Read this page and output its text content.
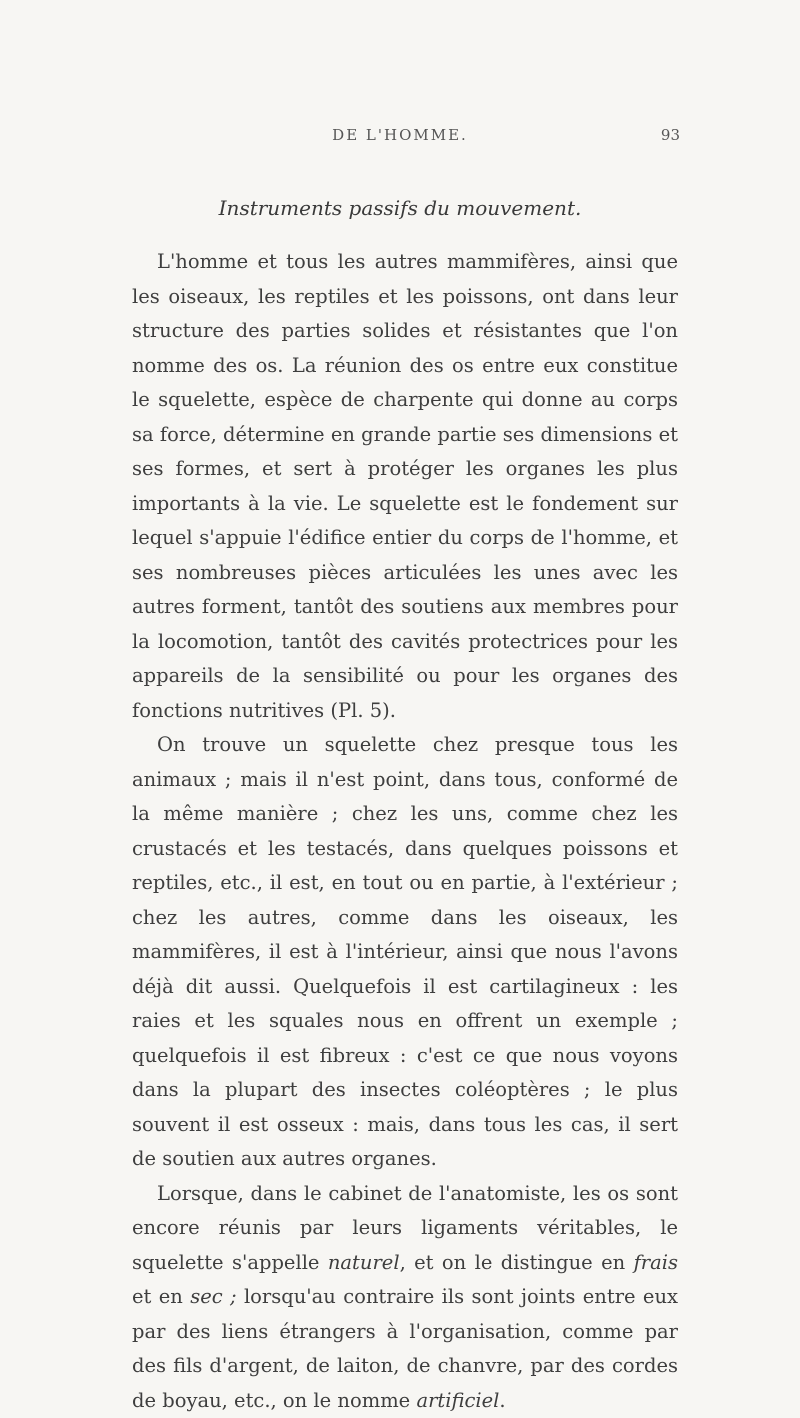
DE L'HOMME.	93
Instruments passifs du mouvement.

L'homme et tous les autres mammifères, ainsi que les oiseaux, les reptiles et les poissons, ont dans leur structure des parties solides et résistantes que l'on nomme des os. La réunion des os entre eux constitue le squelette, espèce de charpente qui donne au corps sa force, détermine en grande partie ses dimensions et ses formes, et sert à protéger les organes les plus importants à la vie. Le squelette est le fondement sur lequel s'appuie l'édifice entier du corps de l'homme, et ses nombreuses pièces articulées les unes avec les autres forment, tantôt des soutiens aux membres pour la locomotion, tantôt des cavités protectrices pour les appareils de la sensibilité ou pour les organes des fonctions nutritives (Pl. 5).

On trouve un squelette chez presque tous les animaux ; mais il n'est point, dans tous, conformé de la même manière ; chez les uns, comme chez les crustacés et les testacés, dans quelques poissons et reptiles, etc., il est, en tout ou en partie, à l'extérieur ; chez les autres, comme dans les oiseaux, les mammifères, il est à l'intérieur, ainsi que nous l'avons déjà dit aussi. Quelquefois il est cartilagineux : les raies et les squales nous en offrent un exemple ; quelquefois il est fibreux : c'est ce que nous voyons dans la plupart des insectes coléoptères ; le plus souvent il est osseux : mais, dans tous les cas, il sert de soutien aux autres organes.

Lorsque, dans le cabinet de l'anatomiste, les os sont encore réunis par leurs ligaments véritables, le squelette s'appelle naturel, et on le distingue en frais et en sec ; lorsqu'au contraire ils sont joints entre eux par des liens étrangers à l'organisation, comme par des fils d'argent, de laiton, de chanvre, par des cordes de boyau, etc., on le nomme artificiel.
